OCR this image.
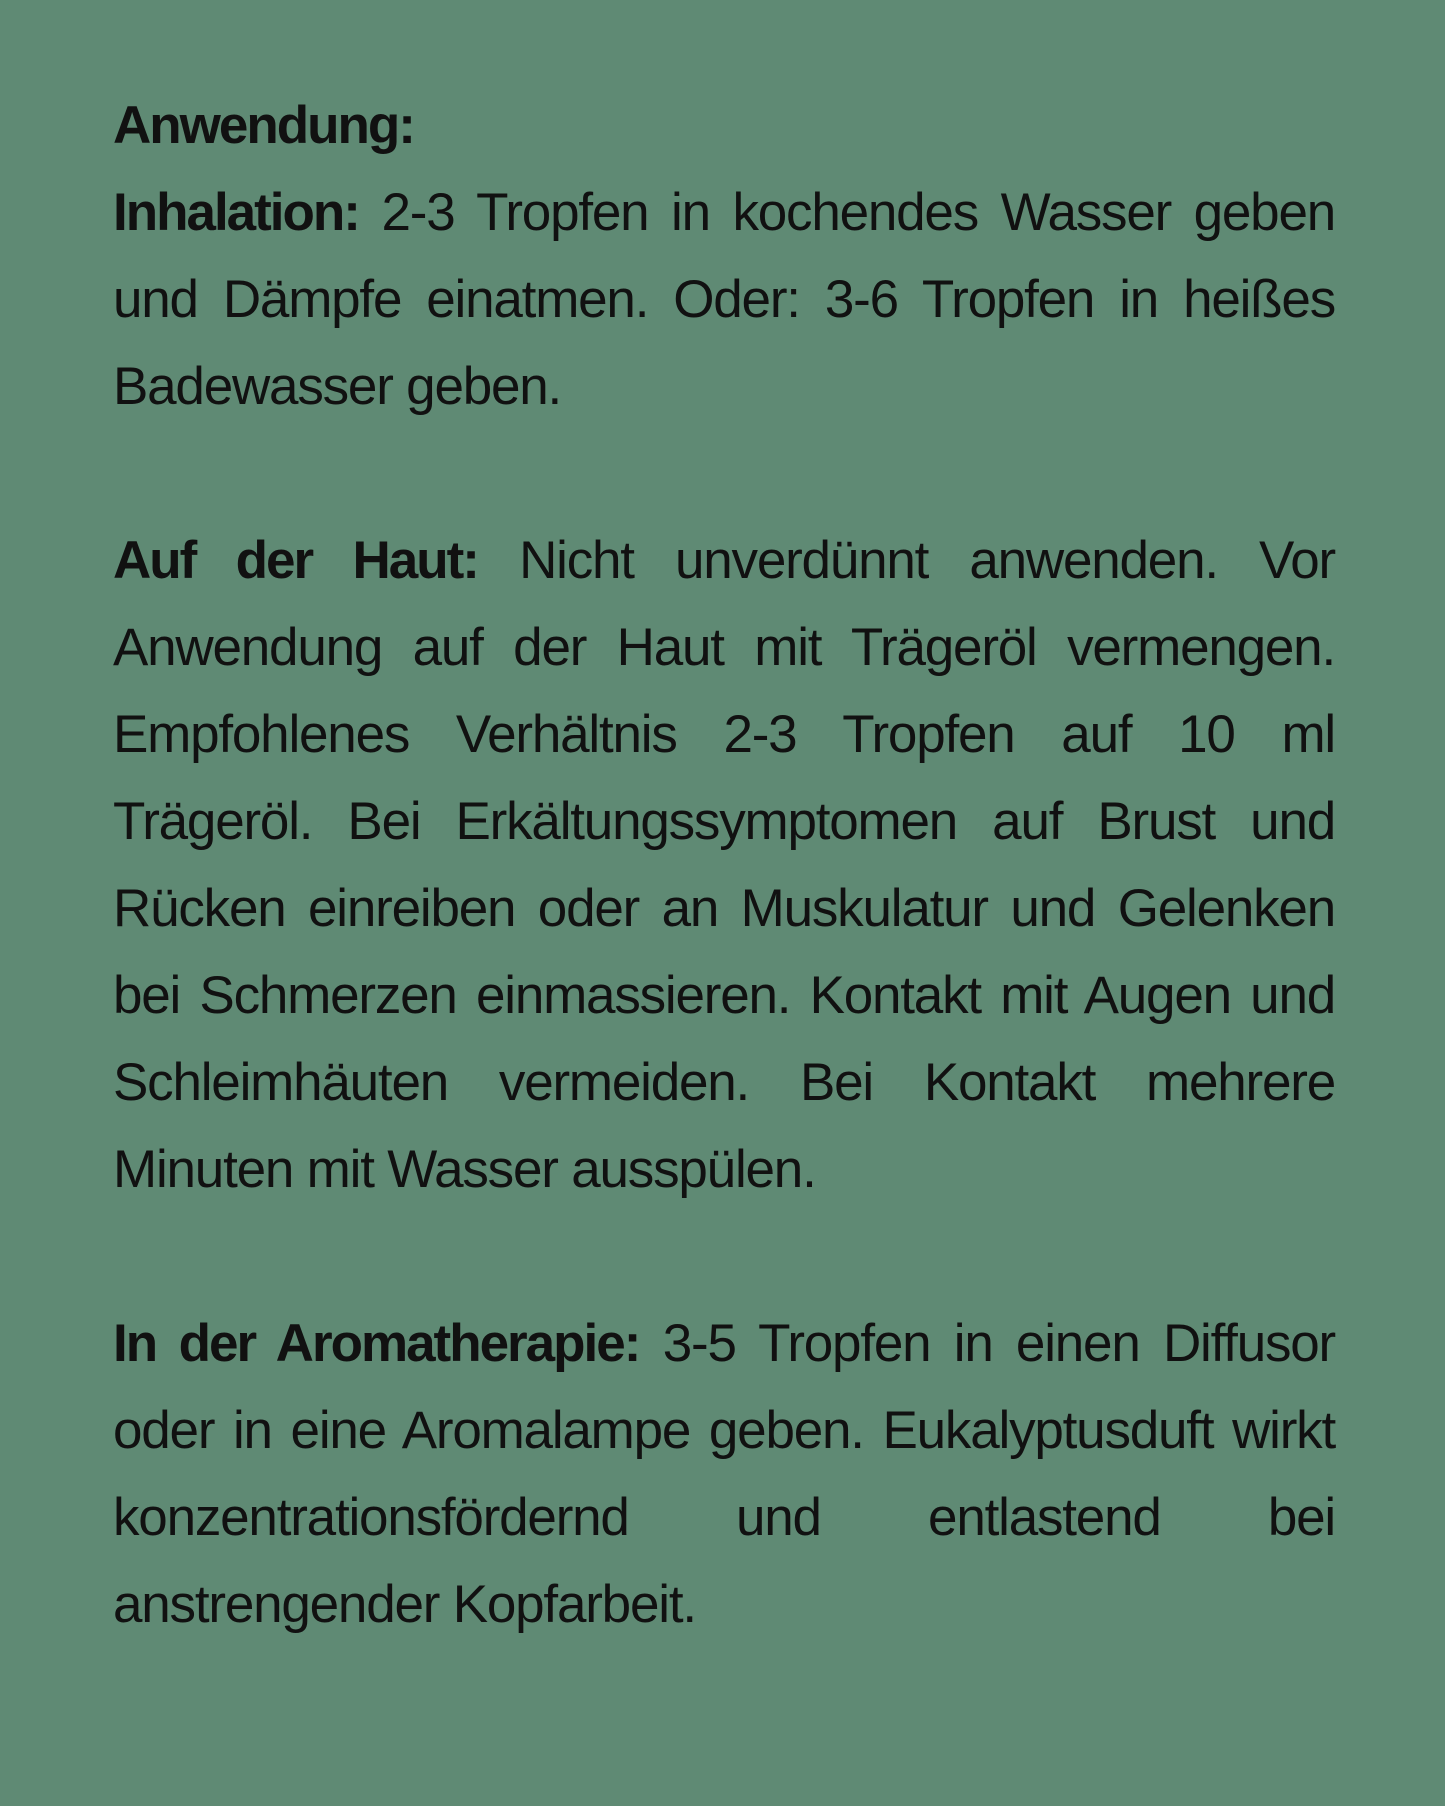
Anwendung:

Inhalation: 2-3 Tropfen in kochendes Wasser geben und Dämpfe einatmen. Oder: 3-6 Tropfen in heißes Badewasser geben.

Auf der Haut: Nicht unverdünnt anwenden. Vor Anwendung auf der Haut mit Trägeröl vermengen. Empfohlenes Verhältnis 2-3 Tropfen auf 10 ml Trägeröl. Bei Erkältungssymptomen auf Brust und Rücken einreiben oder an Muskulatur und Gelenken bei Schmerzen einmassieren. Kontakt mit Augen und Schleimhäuten vermeiden. Bei Kontakt mehrere Minuten mit Wasser ausspülen.

In der Aromatherapie: 3-5 Tropfen in einen Diffusor oder in eine Aromalampe geben. Eukalyptusduft wirkt konzentrationsfördernd und entlastend bei anstrengender Kopfarbeit.
